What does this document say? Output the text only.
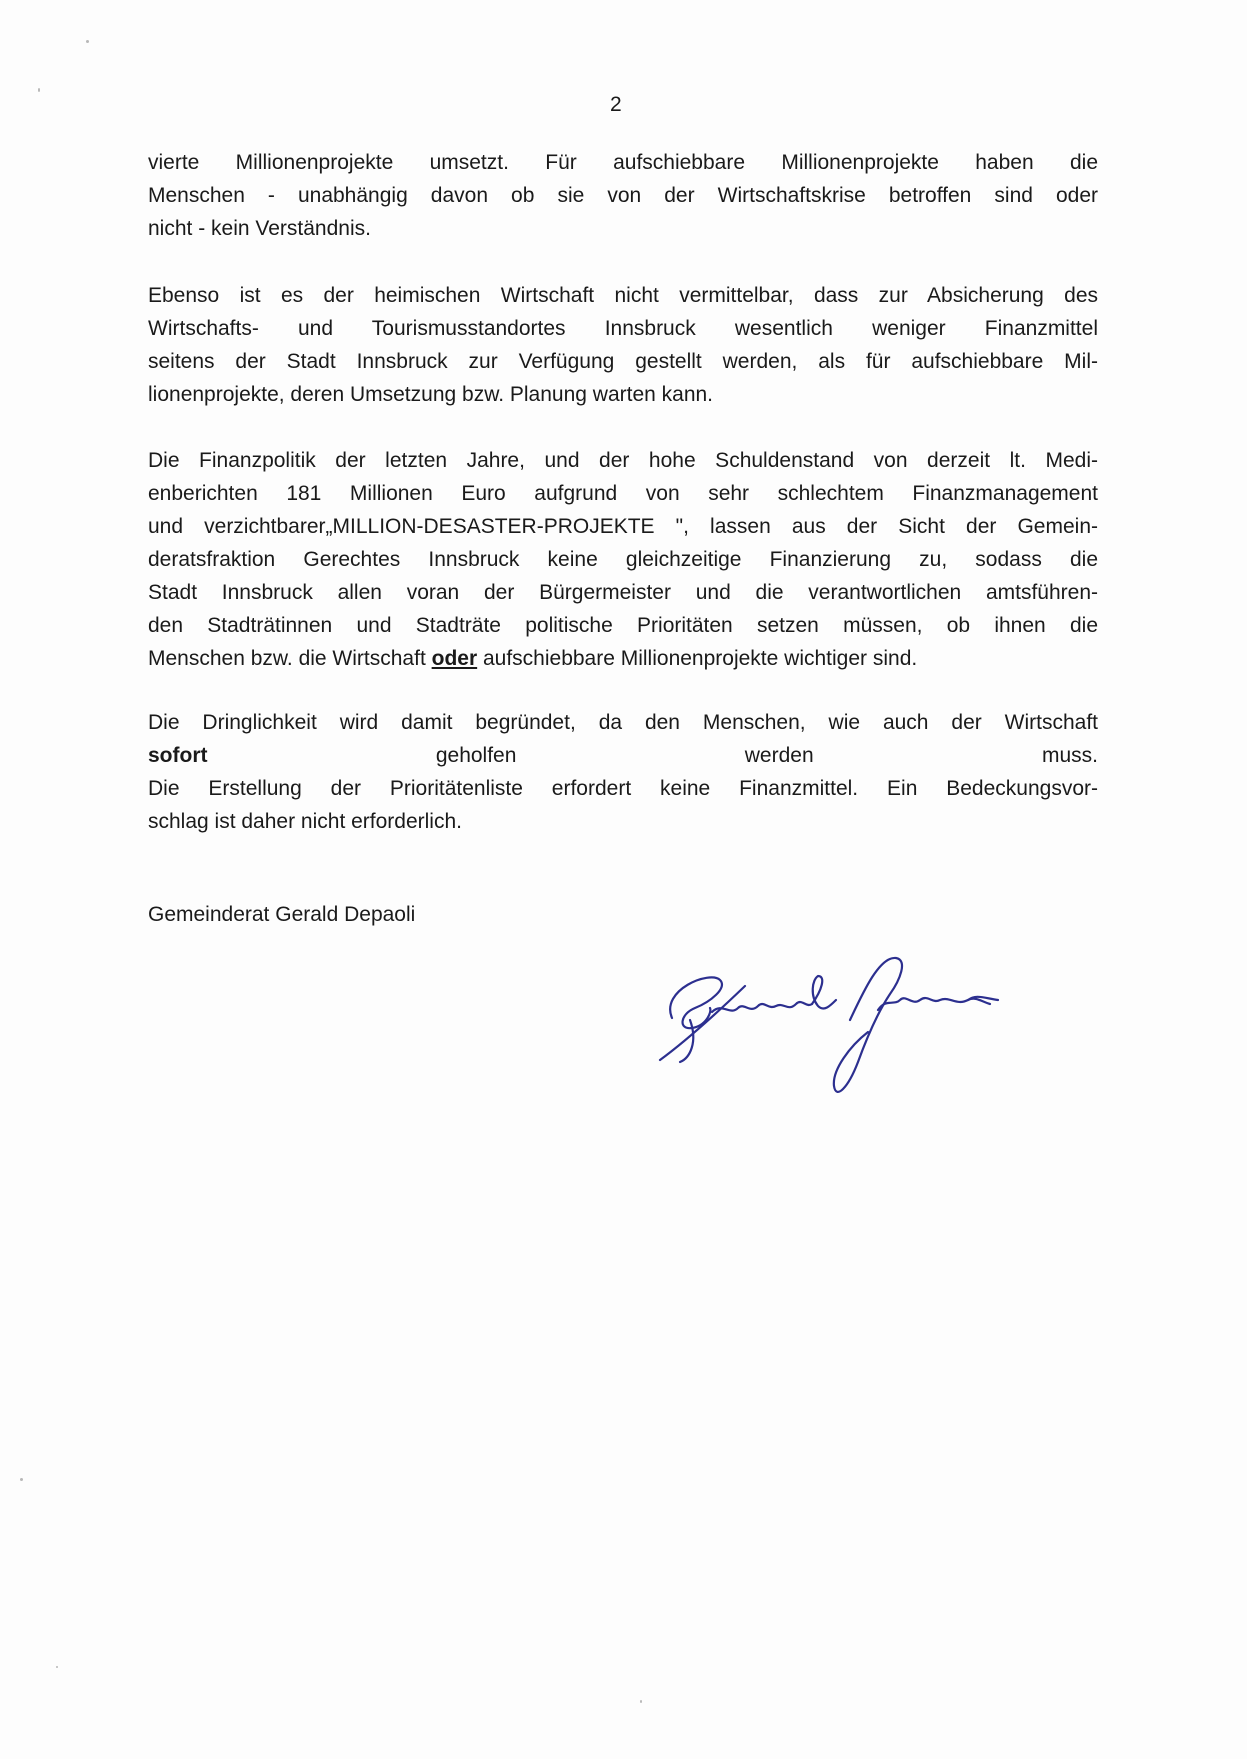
2
vierte Millionenprojekte umsetzt. Für aufschiebbare Millionenprojekte haben die
Menschen - unabhängig davon ob sie von der Wirtschaftskrise betroffen sind oder
nicht - kein Verständnis.
Ebenso ist es der heimischen Wirtschaft nicht vermittelbar, dass zur Absicherung des
Wirtschafts- und Tourismusstandortes Innsbruck wesentlich weniger Finanzmittel
seitens der Stadt Innsbruck zur Verfügung gestellt werden, als für aufschiebbare Mil-
lionenprojekte, deren Umsetzung bzw. Planung warten kann.
Die Finanzpolitik der letzten Jahre, und der hohe Schuldenstand von derzeit lt. Medi-
enberichten 181 Millionen Euro aufgrund von sehr schlechtem Finanzmanagement
und verzichtbarer„MILLION-DESASTER-PROJEKTE ", lassen aus der Sicht der Gemein-
deratsfraktion Gerechtes Innsbruck keine gleichzeitige Finanzierung zu, sodass die
Stadt Innsbruck allen voran der Bürgermeister und die verantwortlichen amtsführen-
den Stadträtinnen und Stadträte politische Prioritäten setzen müssen, ob ihnen die
Menschen bzw. die Wirtschaft oder aufschiebbare Millionenprojekte wichtiger sind.
Die Dringlichkeit wird damit begründet, da den Menschen, wie auch der Wirtschaft
sofort geholfen werden muss.
Die Erstellung der Prioritätenliste erfordert keine Finanzmittel. Ein Bedeckungsvor-
schlag ist daher nicht erforderlich.
Gemeinderat Gerald Depaoli
